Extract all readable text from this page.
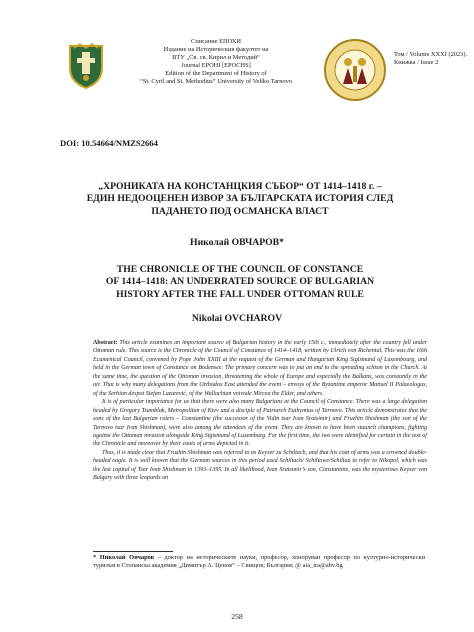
Списание ЕПОХИ
Издание на Историческия факултет на
ВТУ „Св. св. Кирил и Методий“
Journal EPOHI [EPOCHS]
Edition of the Department of History of
“St. Cyril and St. Methodius” University of Veliko Tarnovo
Том / Volume XXXI (2023).
Книжка / Issue 2
DOI: 10.54664/NMZS2664
„ХРОНИКАТА НА КОНСТАНЦКИЯ СЪБОР“ ОТ 1414–1418 г. –
ЕДИН НЕДООЦЕНЕН ИЗВОР ЗА БЪЛГАРСКАТА ИСТОРИЯ СЛЕД
ПАДАНЕТО ПОД ОСМАНСКА ВЛАСТ
Николай ОВЧАРОВ*
THE CHRONICLE OF THE COUNCIL OF CONSTANCE
OF 1414–1418: AN UNDERRATED SOURCE OF BULGARIAN
HISTORY AFTER THE FALL UNDER OTTOMAN RULE
Nikolai OVCHAROV

Abstract: This article examines an important source of Bulgarian history in the early 15th c., immediately after the country fell under Ottoman rule. This source is the Chronicle of the Council of Constance of 1414–1418, written by Ulrich von Richental. This was the 16th Ecumenical Council, convened by Pope John XXIII at the request of the German and Hungarian King Sigismund of Luxembourg, and held in the German town of Constance on Bodensee. The primary concern was to put an end to the spreading schism in the Church. At the same time, the question of the Ottoman invasion, threatening the whole of Europe and especially the Balkans, was constantly in the air. That is why many delegations from the Orthodox East attended the event – envoys of the Byzantine emperor Manuel II Palaeologus, of the Serbian despot Stefan Lazarević, of the Wallachian voivode Mircea the Elder, and others.

It is of particular importance for us that there were also many Bulgarians at the Council of Constance. There was a large delegation headed by Gregory Tsamblak, Metropolitan of Kiev and a disciple of Patriarch Euthymius of Tarnovo. This article demonstrates that the sons of the last Bulgarian rulers – Constantine (the successor of the Vidin tsar Ivan Sratsimir) and Fruzhin Shishman (the son of the Tarnovo tsar Ivan Shishman), were also among the attendees of the event. They are known to have been staunch champions, fighting against the Ottoman invasion alongside King Sigismund of Luxemburg. For the first time, the two were identified for certain in the text of the Chronicle and moreover by their coats of arms depicted in it.

Thus, it is made clear that Fruzhin Shishman was referred to as Keyser zu Schiltach, and that his coat of arms was a crowned double-headed eagle. It is well known that the German sources in this period used Schiltach/ Schiltawe/Schiltau to refer to Nikopol, which was the last capital of Tsar Ivan Shishman in 1393–1395. In all likelihood, Ivan Sratsimir’s son, Constantine, was the mysterious Keyser von Bulgary with three leopards on

* Николай Овчаров – доктор на историческите науки, професор, хоноруван професор по културно-исторически туризъм в Стопанска академия „Димитър А. Ценов“ – Свищов; България; @ aia_ira@abv.bg
258
